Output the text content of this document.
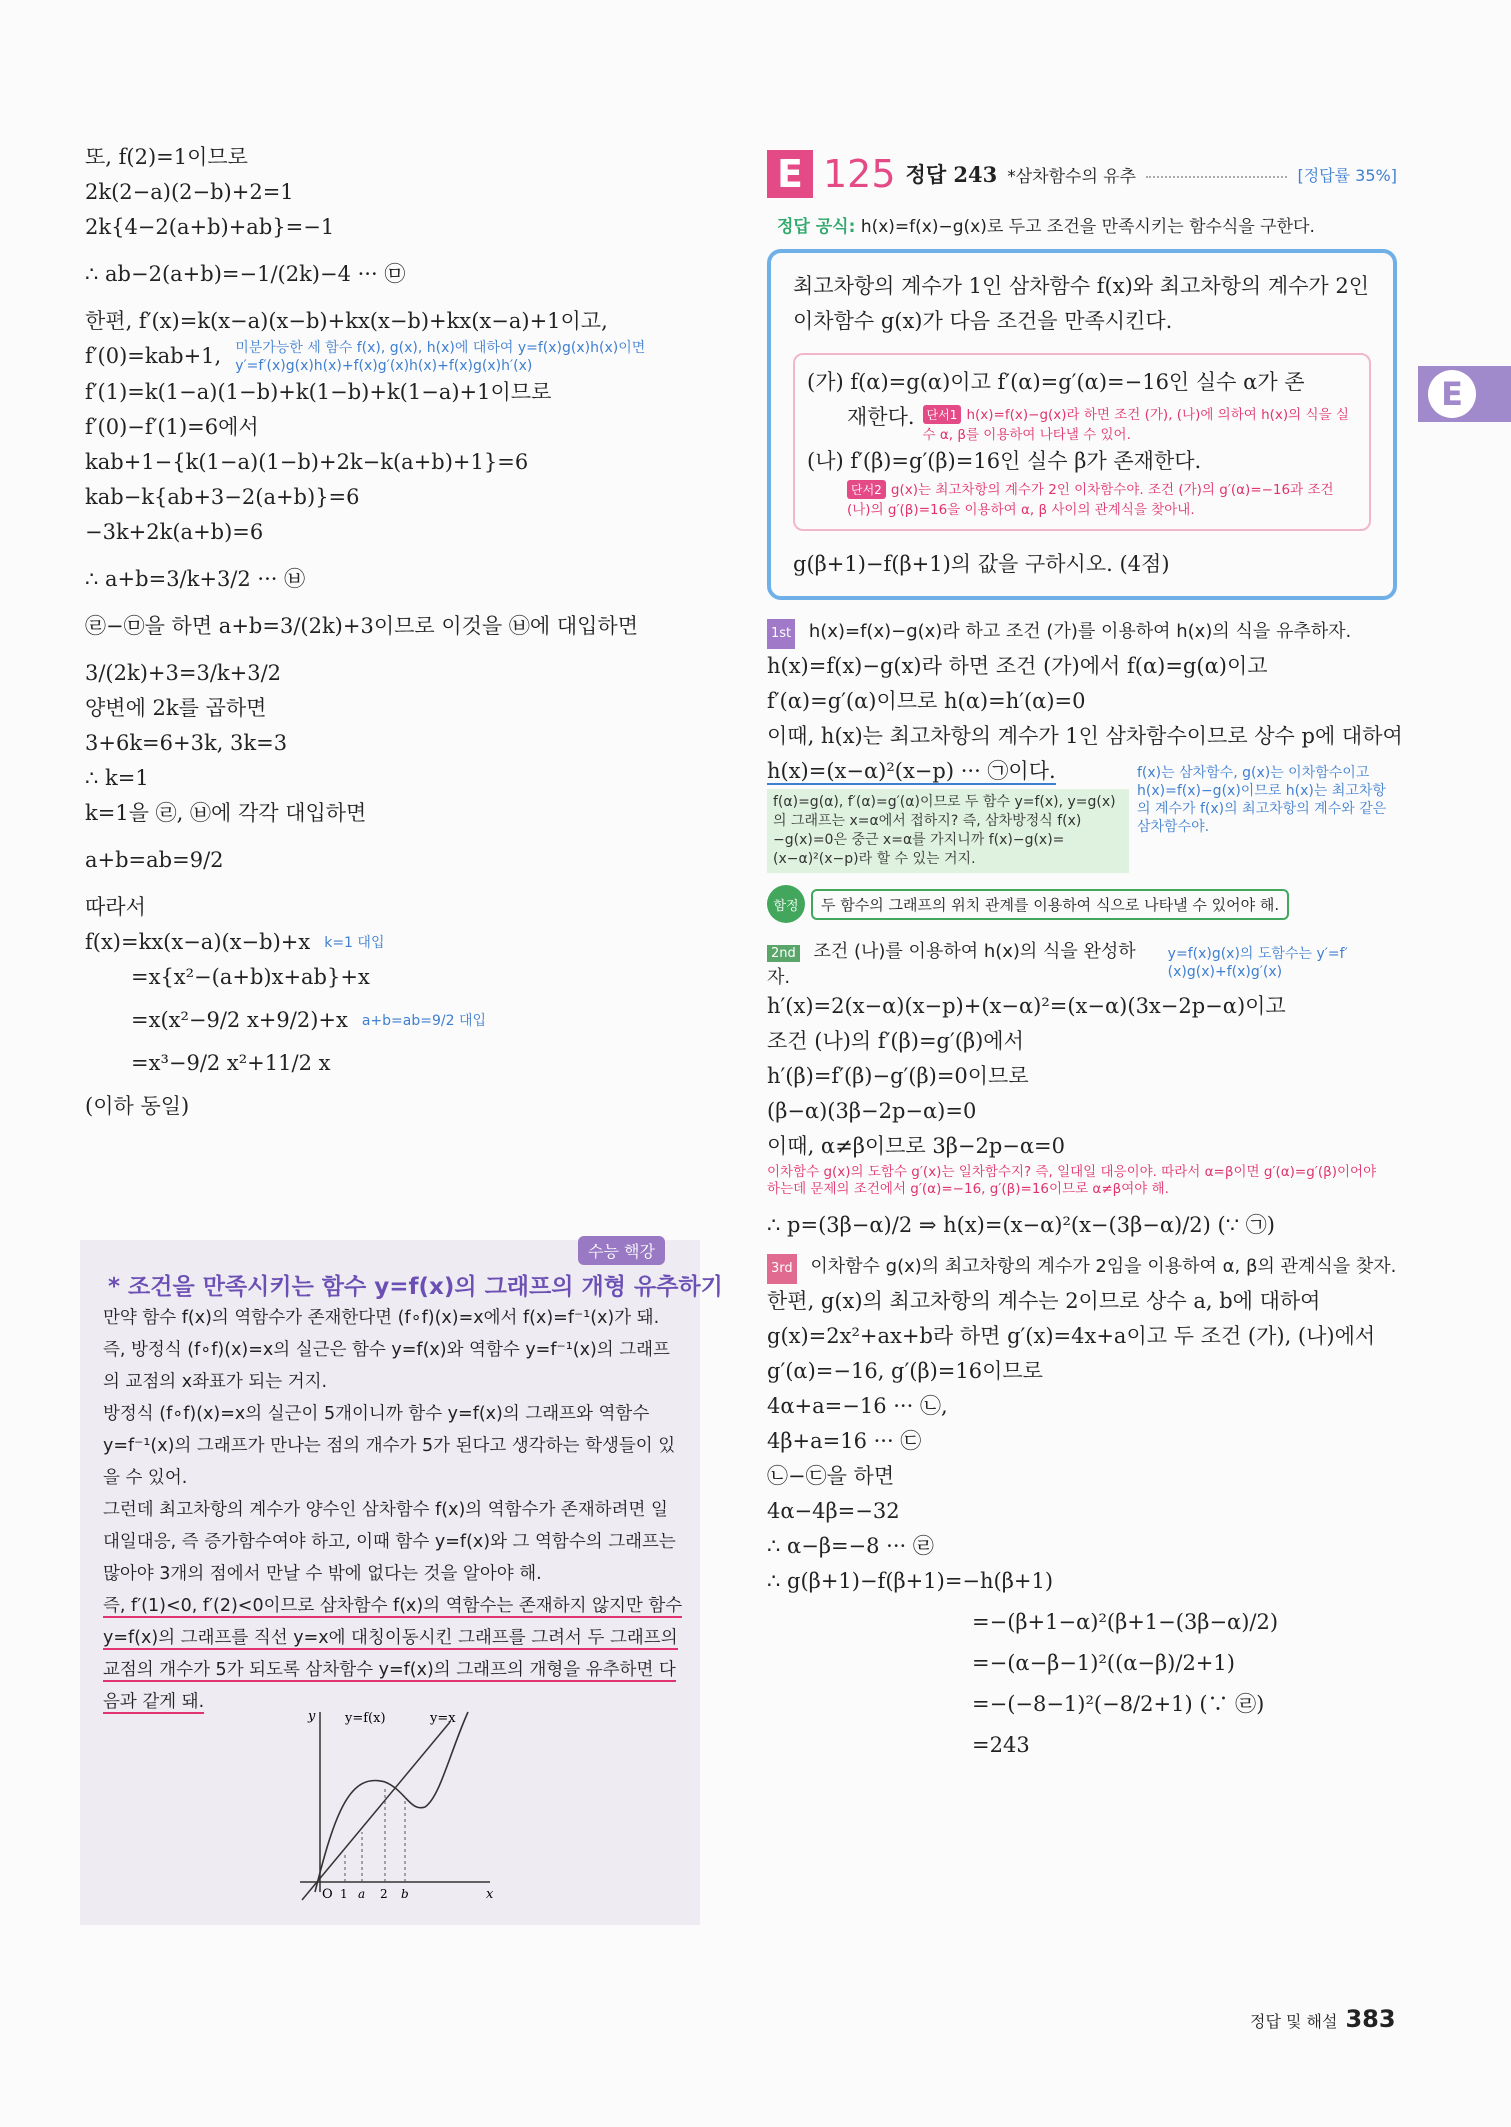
또, f(2)=1이므로
2k(2−a)(2−b)+2=1
2k{4−2(a+b)+ab}=−1
∴ ab−2(a+b)=−1/(2k)−4 ··· ㉤
한편, f′(x)=k(x−a)(x−b)+kx(x−b)+kx(x−a)+1이고,
f′(0)=kab+1, 미분가능한 세 함수 f(x), g(x), h(x)에 대하여 y=f(x)g(x)h(x)이면 y′=f′(x)g(x)h(x)+f(x)g′(x)h(x)+f(x)g(x)h′(x)
f′(1)=k(1−a)(1−b)+k(1−b)+k(1−a)+1이므로
f′(0)−f′(1)=6에서
kab+1−{k(1−a)(1−b)+2k−k(a+b)+1}=6
kab−k{ab+3−2(a+b)}=6
−3k+2k(a+b)=6
∴ a+b=3/k+3/2 ··· ㉥
㉣−㉤을 하면 a+b=3/(2k)+3이므로 이것을 ㉥에 대입하면
3/(2k)+3=3/k+3/2
양변에 2k를 곱하면
3+6k=6+3k, 3k=3
∴ k=1
k=1을 ㉣, ㉥에 각각 대입하면
a+b=ab=9/2
따라서
f(x)=kx(x−a)(x−b)+x k=1 대입
=x{x²−(a+b)x+ab}+x
=x(x²−9/2 x+9/2)+x a+b=ab=9/2 대입
=x³−9/2 x²+11/2 x
(이하 동일)
수능 핵강
* 조건을 만족시키는 함수 y=f(x)의 그래프의 개형 유추하기

만약 함수 f(x)의 역함수가 존재한다면 (f∘f)(x)=x에서 f(x)=f⁻¹(x)가 돼. 즉, 방정식 (f∘f)(x)=x의 실근은 함수 y=f(x)와 역함수 y=f⁻¹(x)의 그래프의 교점의 x좌표가 되는 거지.

방정식 (f∘f)(x)=x의 실근이 5개이니까 함수 y=f(x)의 그래프와 역함수 y=f⁻¹(x)의 그래프가 만나는 점의 개수가 5가 된다고 생각하는 학생들이 있을 수 있어.

그런데 최고차항의 계수가 양수인 삼차함수 f(x)의 역함수가 존재하려면 일대일대응, 즉 증가함수여야 하고, 이때 함수 y=f(x)와 그 역함수의 그래프는 많아야 3개의 점에서 만날 수 밖에 없다는 것을 알아야 해.

즉, f′(1)<0, f′(2)<0이므로 삼차함수 f(x)의 역함수는 존재하지 않지만 함수 y=f(x)의 그래프를 직선 y=x에 대칭이동시킨 그래프를 그려서 두 그래프의 교점의 개수가 5가 되도록 삼차함수 y=f(x)의 그래프의 개형을 유추하면 다음과 같게 돼.

y
x
y=f(x)	y=x
O 1 a 2 b
E 125 정답 243 *삼차함수의 유추	[정답률 35%]
정답 공식: h(x)=f(x)−g(x)로 두고 조건을 만족시키는 함수식을 구한다.
최고차항의 계수가 1인 삼차함수 f(x)와 최고차항의 계수가 2인
이차함수 g(x)가 다음 조건을 만족시킨다.
(가) f(α)=g(α)이고 f′(α)=g′(α)=−16인 실수 α가 존
재한다.	단서1 h(x)=f(x)−g(x)라 하면 조건 (가), (나)에 의하여 h(x)의 식을 실수 α, β를 이용하여 나타낼 수 있어.
(나) f′(β)=g′(β)=16인 실수 β가 존재한다.
단서2 g(x)는 최고차항의 계수가 2인 이차함수야. 조건 (가)의 g′(α)=−16과 조건 (나)의 g′(β)=16을 이용하여 α, β 사이의 관계식을 찾아내.
g(β+1)−f(β+1)의 값을 구하시오. (4점)
1st h(x)=f(x)−g(x)라 하고 조건 (가)를 이용하여 h(x)의 식을 유추하자.
h(x)=f(x)−g(x)라 하면 조건 (가)에서 f(α)=g(α)이고
f′(α)=g′(α)이므로 h(α)=h′(α)=0
이때, h(x)는 최고차항의 계수가 1인 삼차함수이므로 상수 p에 대하여
h(x)=(x−α)²(x−p) ··· ㉠이다.
f(α)=g(α), f′(α)=g′(α)이므로 두 함수 y=f(x), y=g(x)의 그래프는 x=α에서 접하지? 즉, 삼차방정식 f(x)−g(x)=0은 중근 x=α를 가지니까 f(x)−g(x)=(x−α)²(x−p)라 할 수 있는 거지.
f(x)는 삼차함수, g(x)는 이차함수이고 h(x)=f(x)−g(x)이므로 h(x)는 최고차항의 계수가 f(x)의 최고차항의 계수와 같은 삼차함수야.
함정	두 함수의 그래프의 위치 관계를 이용하여 식으로 나타낼 수 있어야 해.
2nd 조건 (나)를 이용하여 h(x)의 식을 완성하자.
y=f(x)g(x)의 도함수는 y′=f′(x)g(x)+f(x)g′(x)
h′(x)=2(x−α)(x−p)+(x−α)²=(x−α)(3x−2p−α)이고
조건 (나)의 f′(β)=g′(β)에서
h′(β)=f′(β)−g′(β)=0이므로
(β−α)(3β−2p−α)=0
이때, α≠β이므로 3β−2p−α=0
이차함수 g(x)의 도함수 g′(x)는 일차함수지? 즉, 일대일 대응이야. 따라서 α=β이면 g′(α)=g′(β)이어야 하는데 문제의 조건에서 g′(α)=−16, g′(β)=16이므로 α≠β여야 해.
∴ p=(3β−α)/2 ⇒ h(x)=(x−α)²(x−(3β−α)/2) (∵ ㉠)
3rd 이차함수 g(x)의 최고차항의 계수가 2임을 이용하여 α, β의 관계식을 찾자.
한편, g(x)의 최고차항의 계수는 2이므로 상수 a, b에 대하여
g(x)=2x²+ax+b라 하면 g′(x)=4x+a이고 두 조건 (가), (나)에서
g′(α)=−16, g′(β)=16이므로
4α+a=−16 ··· ㉡,
4β+a=16 ··· ㉢
㉡−㉢을 하면
4α−4β=−32
∴ α−β=−8 ··· ㉣
∴ g(β+1)−f(β+1)=−h(β+1)
=−(β+1−α)²(β+1−(3β−α)/2)
=−(α−β−1)²((α−β)/2+1)
=−(−8−1)²(−8/2+1) (∵ ㉣)
=243
E
정답 및 해설 383
